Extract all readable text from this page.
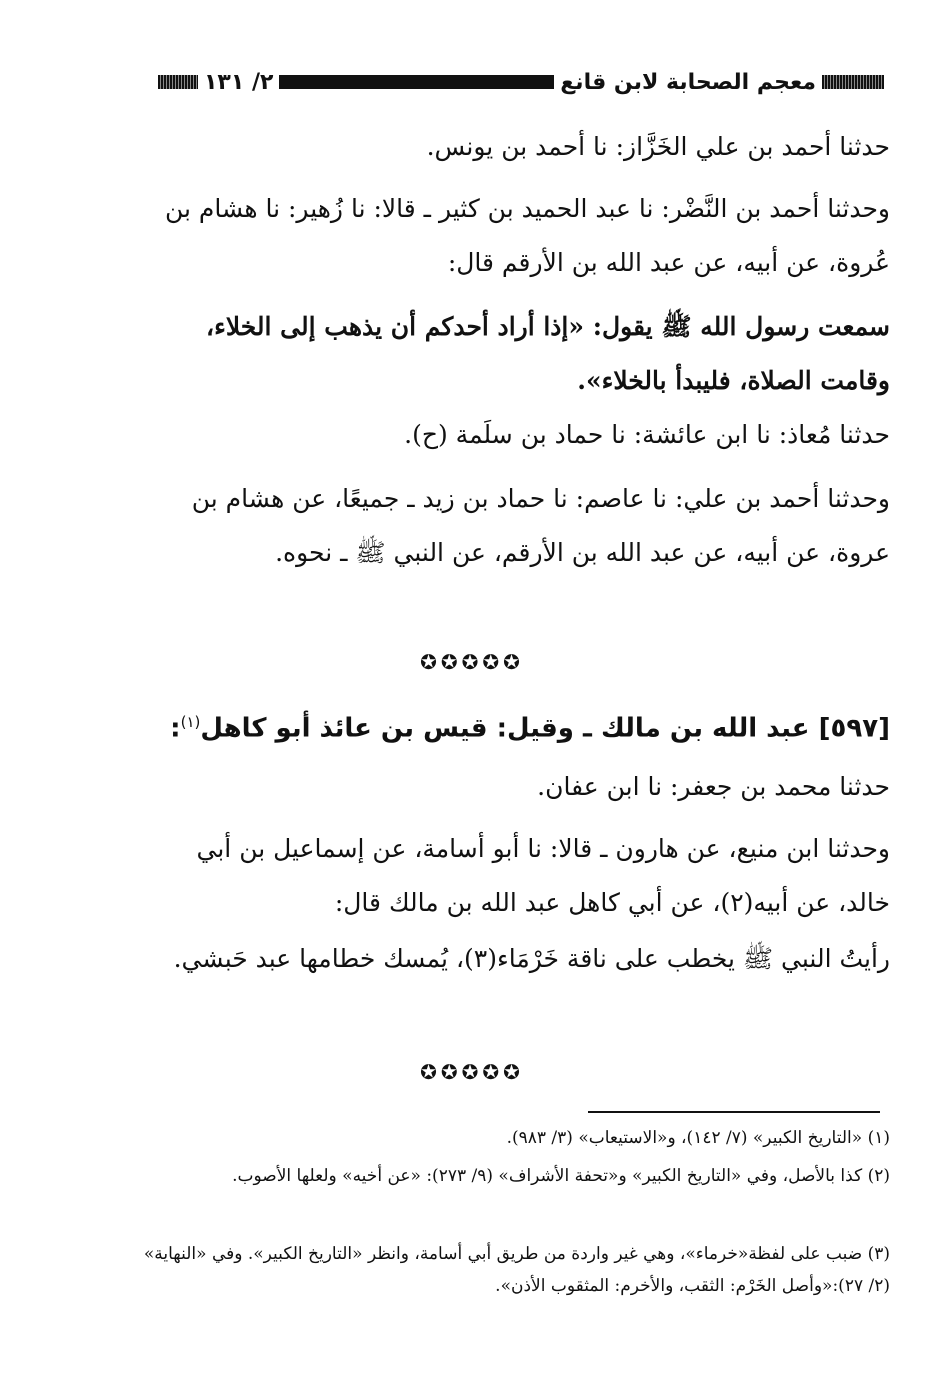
معجم الصحابة لابن قانع
٢/ ١٣١

حدثنا أحمد بن علي الخَزَّاز: نا أحمد بن يونس.

وحدثنا أحمد بن النَّضْر: نا عبد الحميد بن كثير ـ قالا: نا زُهير: نا هشام بن عُروة، عن أبيه، عن عبد الله بن الأرقم قال:

سمعت رسول الله ﷺ يقول: «إذا أراد أحدكم أن يذهب إلى الخلاء، وقامت الصلاة، فليبدأ بالخلاء».

حدثنا مُعاذ: نا ابن عائشة: نا حماد بن سلَمة (ح).

وحدثنا أحمد بن علي: نا عاصم: نا حماد بن زيد ـ جميعًا، عن هشام بن عروة، عن أبيه، عن عبد الله بن الأرقم، عن النبي ﷺ ـ نحوه.

✪✪✪✪✪
[٥٩٧] عبد الله بن مالك ـ وقيل: قيس بن عائذ أبو كاهل$^{(١)}$:

حدثنا محمد بن جعفر: نا ابن عفان.

وحدثنا ابن منيع، عن هارون ـ قالا: نا أبو أسامة، عن إسماعيل بن أبي خالد، عن أبيه(٢)، عن أبي كاهل عبد الله بن مالك قال:

رأيتُ النبي ﷺ يخطب على ناقة خَرْمَاء(٣)، يُمسك خطامها عبد حَبشي.

✪✪✪✪✪

(١) «التاريخ الكبير» (٧/ ١٤٢)، و«الاستيعاب» (٣/ ٩٨٣).

(٢) كذا بالأصل، وفي «التاريخ الكبير» و«تحفة الأشراف» (٩/ ٢٧٣): «عن أخيه» ولعلها الأصوب.

(٣) ضبب على لفظة«خرماء»، وهي غير واردة من طريق أبي أسامة، وانظر «التاريخ الكبير». وفي «النهاية» (٢/ ٢٧):«وأصل الخَرْم: الثقب، والأخرم: المثقوب الأذن».
